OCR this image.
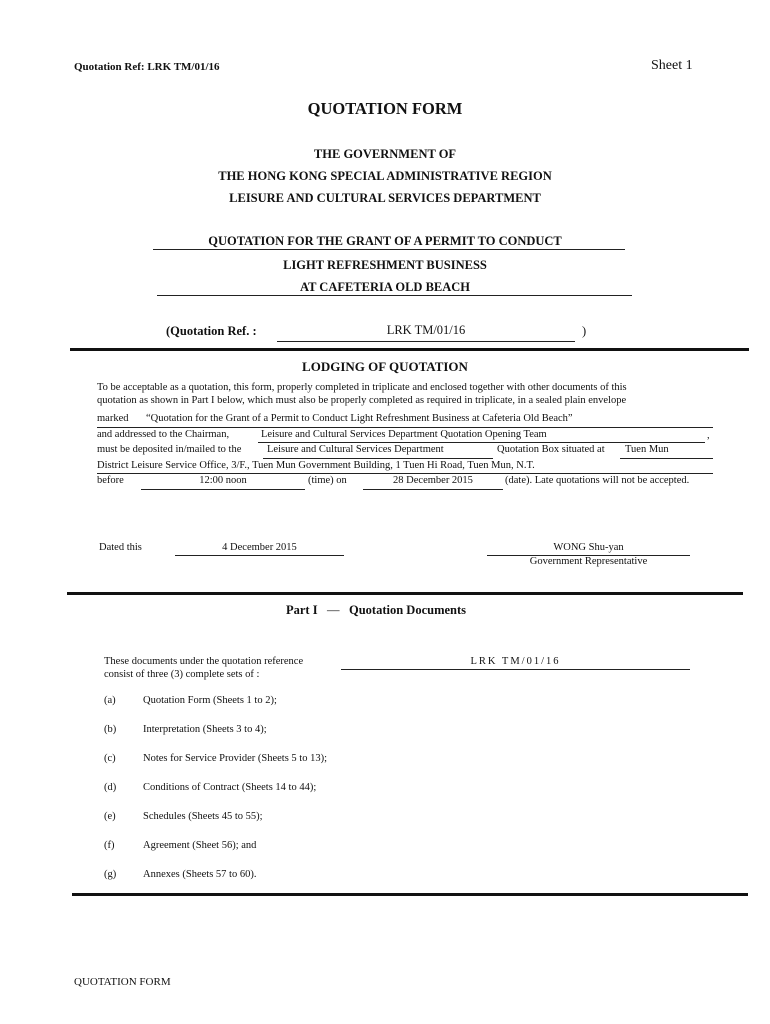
Quotation Ref: LRK TM/01/16	Sheet 1
QUOTATION FORM
THE GOVERNMENT OF
THE HONG KONG SPECIAL ADMINISTRATIVE REGION
LEISURE AND CULTURAL SERVICES DEPARTMENT
QUOTATION FOR THE GRANT OF A PERMIT TO CONDUCT
LIGHT REFRESHMENT BUSINESS
AT CAFETERIA OLD BEACH
(Quotation Ref. :	LRK TM/01/16	)
LODGING OF QUOTATION
To be acceptable as a quotation, this form, properly completed in triplicate and enclosed together with other documents of this
quotation as shown in Part I below, which must also be properly completed as required in triplicate, in a sealed plain envelope
marked “Quotation for the Grant of a Permit to Conduct Light Refreshment Business at Cafeteria Old Beach”
and addressed to the Chairman,	Leisure and Cultural Services Department Quotation Opening Team	,
must be deposited in/mailed to the Leisure and Cultural Services Department	Quotation Box situated at Tuen Mun
District Leisure Service Office, 3/F., Tuen Mun Government Building, 1 Tuen Hi Road, Tuen Mun, N.T.
before	12:00 noon	(time) on	28 December 2015	(date). Late quotations will not be accepted.
Dated this	4 December 2015	WONG Shu-yan
Government Representative
Part I — Quotation Documents
These documents under the quotation reference
consist of three (3) complete sets of :
LRK TM/01/16
(a)	Quotation Form (Sheets 1 to 2);
(b)	Interpretation (Sheets 3 to 4);
(c)	Notes for Service Provider (Sheets 5 to 13);
(d)	Conditions of Contract (Sheets 14 to 44);
(e)	Schedules (Sheets 45 to 55);
(f)	Agreement (Sheet 56); and
(g)	Annexes (Sheets 57 to 60).
QUOTATION FORM
